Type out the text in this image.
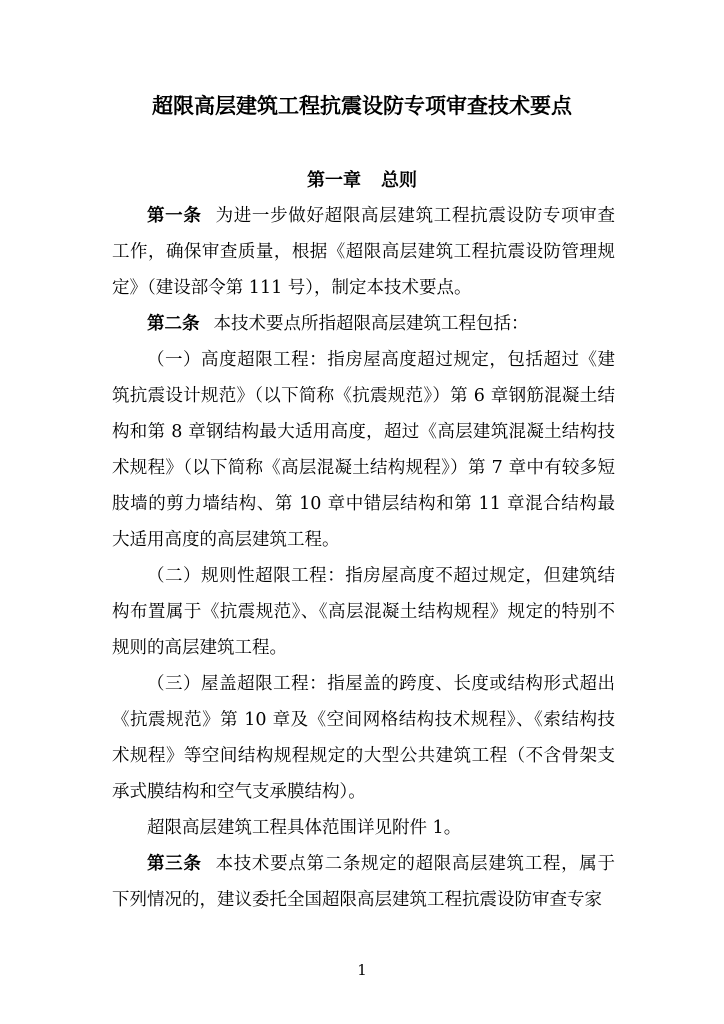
超限高层建筑工程抗震设防专项审查技术要点
第一章 总则

第一条 为进一步做好超限高层建筑工程抗震设防专项审查工作，确保审查质量，根据《超限高层建筑工程抗震设防管理规定》（建设部令第 111 号），制定本技术要点。

第二条 本技术要点所指超限高层建筑工程包括：

（一）高度超限工程：指房屋高度超过规定，包括超过《建筑抗震设计规范》（以下简称《抗震规范》）第 6 章钢筋混凝土结构和第 8 章钢结构最大适用高度，超过《高层建筑混凝土结构技术规程》（以下简称《高层混凝土结构规程》）第 7 章中有较多短肢墙的剪力墙结构、第 10 章中错层结构和第 11 章混合结构最大适用高度的高层建筑工程。

（二）规则性超限工程：指房屋高度不超过规定，但建筑结构布置属于《抗震规范》、《高层混凝土结构规程》规定的特别不规则的高层建筑工程。

（三）屋盖超限工程：指屋盖的跨度、长度或结构形式超出《抗震规范》第 10 章及《空间网格结构技术规程》、《索结构技术规程》等空间结构规程规定的大型公共建筑工程（不含骨架支承式膜结构和空气支承膜结构）。

超限高层建筑工程具体范围详见附件 1。

第三条 本技术要点第二条规定的超限高层建筑工程，属于下列情况的，建议委托全国超限高层建筑工程抗震设防审查专家

1
